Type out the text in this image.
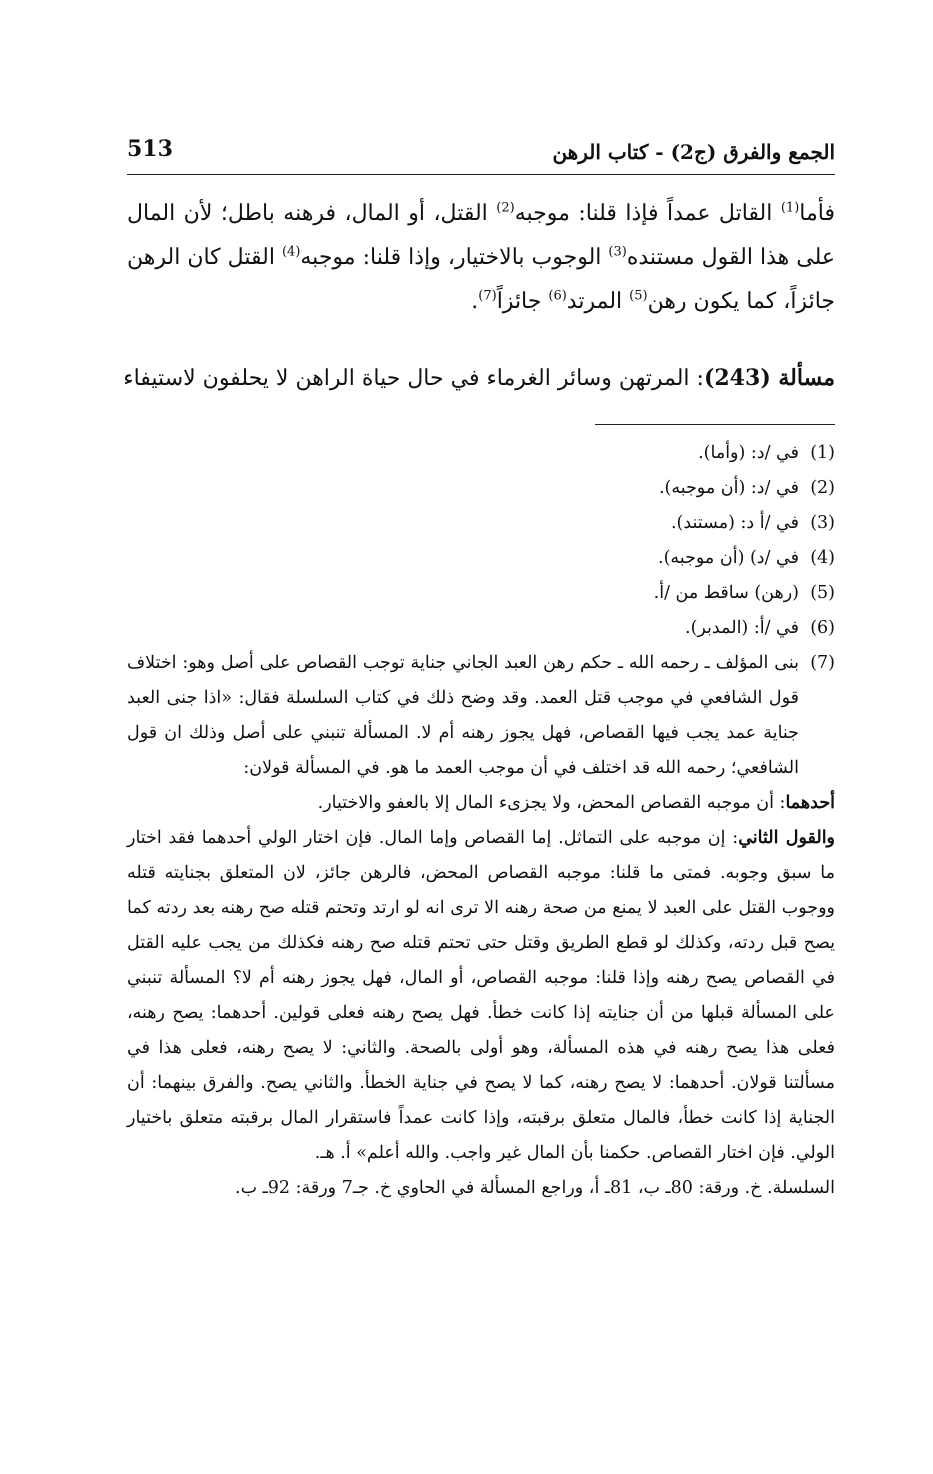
الجمع والفرق (ج2) - كتاب الرهن
513

فأما$^{(1)}$ القاتل عمداً فإذا قلنا: موجبه$^{(2)}$ القتل، أو المال، فرهنه باطل؛ لأن المال على هذا القول مستنده$^{(3)}$ الوجوب بالاختيار، وإذا قلنا: موجبه$^{(4)}$ القتل كان الرهن جائزاً، كما يكون رهن$^{(5)}$ المرتد$^{(6)}$ جائزاً$^{(7)}$.

مسألة (243): المرتهن وسائر الغرماء في حال حياة الراهن لا يحلفون لاستيفاء
(1)
في /د: (وأما).
(2)
في /د: (أن موجبه).
(3)
في /أ د: (مستند).
(4)
في /د) (أن موجبه).
(5)
(رهن) ساقط من /أ.
(6)
في /أ: (المدبر).
(7)

بنى المؤلف ـ رحمه الله ـ حكم رهن العبد الجاني جناية توجب القصاص على أصل وهو: اختلاف قول الشافعي في موجب قتل العمد. وقد وضح ذلك في كتاب السلسلة فقال: «اذا جنى العبد جناية عمد يجب فيها القصاص، فهل يجوز رهنه أم لا. المسألة تنبني على أصل وذلك ان قول الشافعي؛ رحمه الله قد اختلف في أن موجب العمد ما هو. في المسألة قولان:

أحدهما: أن موجبه القصاص المحض، ولا يجزىء المال إلا بالعفو والاختيار.

والقول الثاني: إن موجبه على التماثل. إما القصاص وإما المال. فإن اختار الولي أحدهما فقد اختار ما سبق وجوبه. فمتى ما قلنا: موجبه القصاص المحض، فالرهن جائز، لان المتعلق بجنايته قتله ووجوب القتل على العبد لا يمنع من صحة رهنه الا ترى انه لو ارتد وتحتم قتله صح رهنه بعد ردته كما يصح قبل ردته، وكذلك لو قطع الطريق وقتل حتى تحتم قتله صح رهنه فكذلك من يجب عليه القتل في القصاص يصح رهنه وإذا قلنا: موجبه القصاص، أو المال، فهل يجوز رهنه أم لا؟ المسألة تنبني على المسألة قبلها من أن جنايته إذا كانت خطأ. فهل يصح رهنه فعلى قولين. أحدهما: يصح رهنه، فعلى هذا يصح رهنه في هذه المسألة، وهو أولى بالصحة. والثاني: لا يصح رهنه، فعلى هذا في مسألتنا قولان. أحدهما: لا يصح رهنه، كما لا يصح في جناية الخطأ. والثاني يصح. والفرق بينهما: أن الجناية إذا كانت خطأ، فالمال متعلق برقبته، وإذا كانت عمداً فاستقرار المال برقبته متعلق باختيار الولي. فإن اختار القصاص. حكمنا بأن المال غير واجب. والله أعلم» أ. هـ.

السلسلة. خ. ورقة: 80ـ ب، 81ـ أ، وراجع المسألة في الحاوي خ. جـ7 ورقة: 92ـ ب.
